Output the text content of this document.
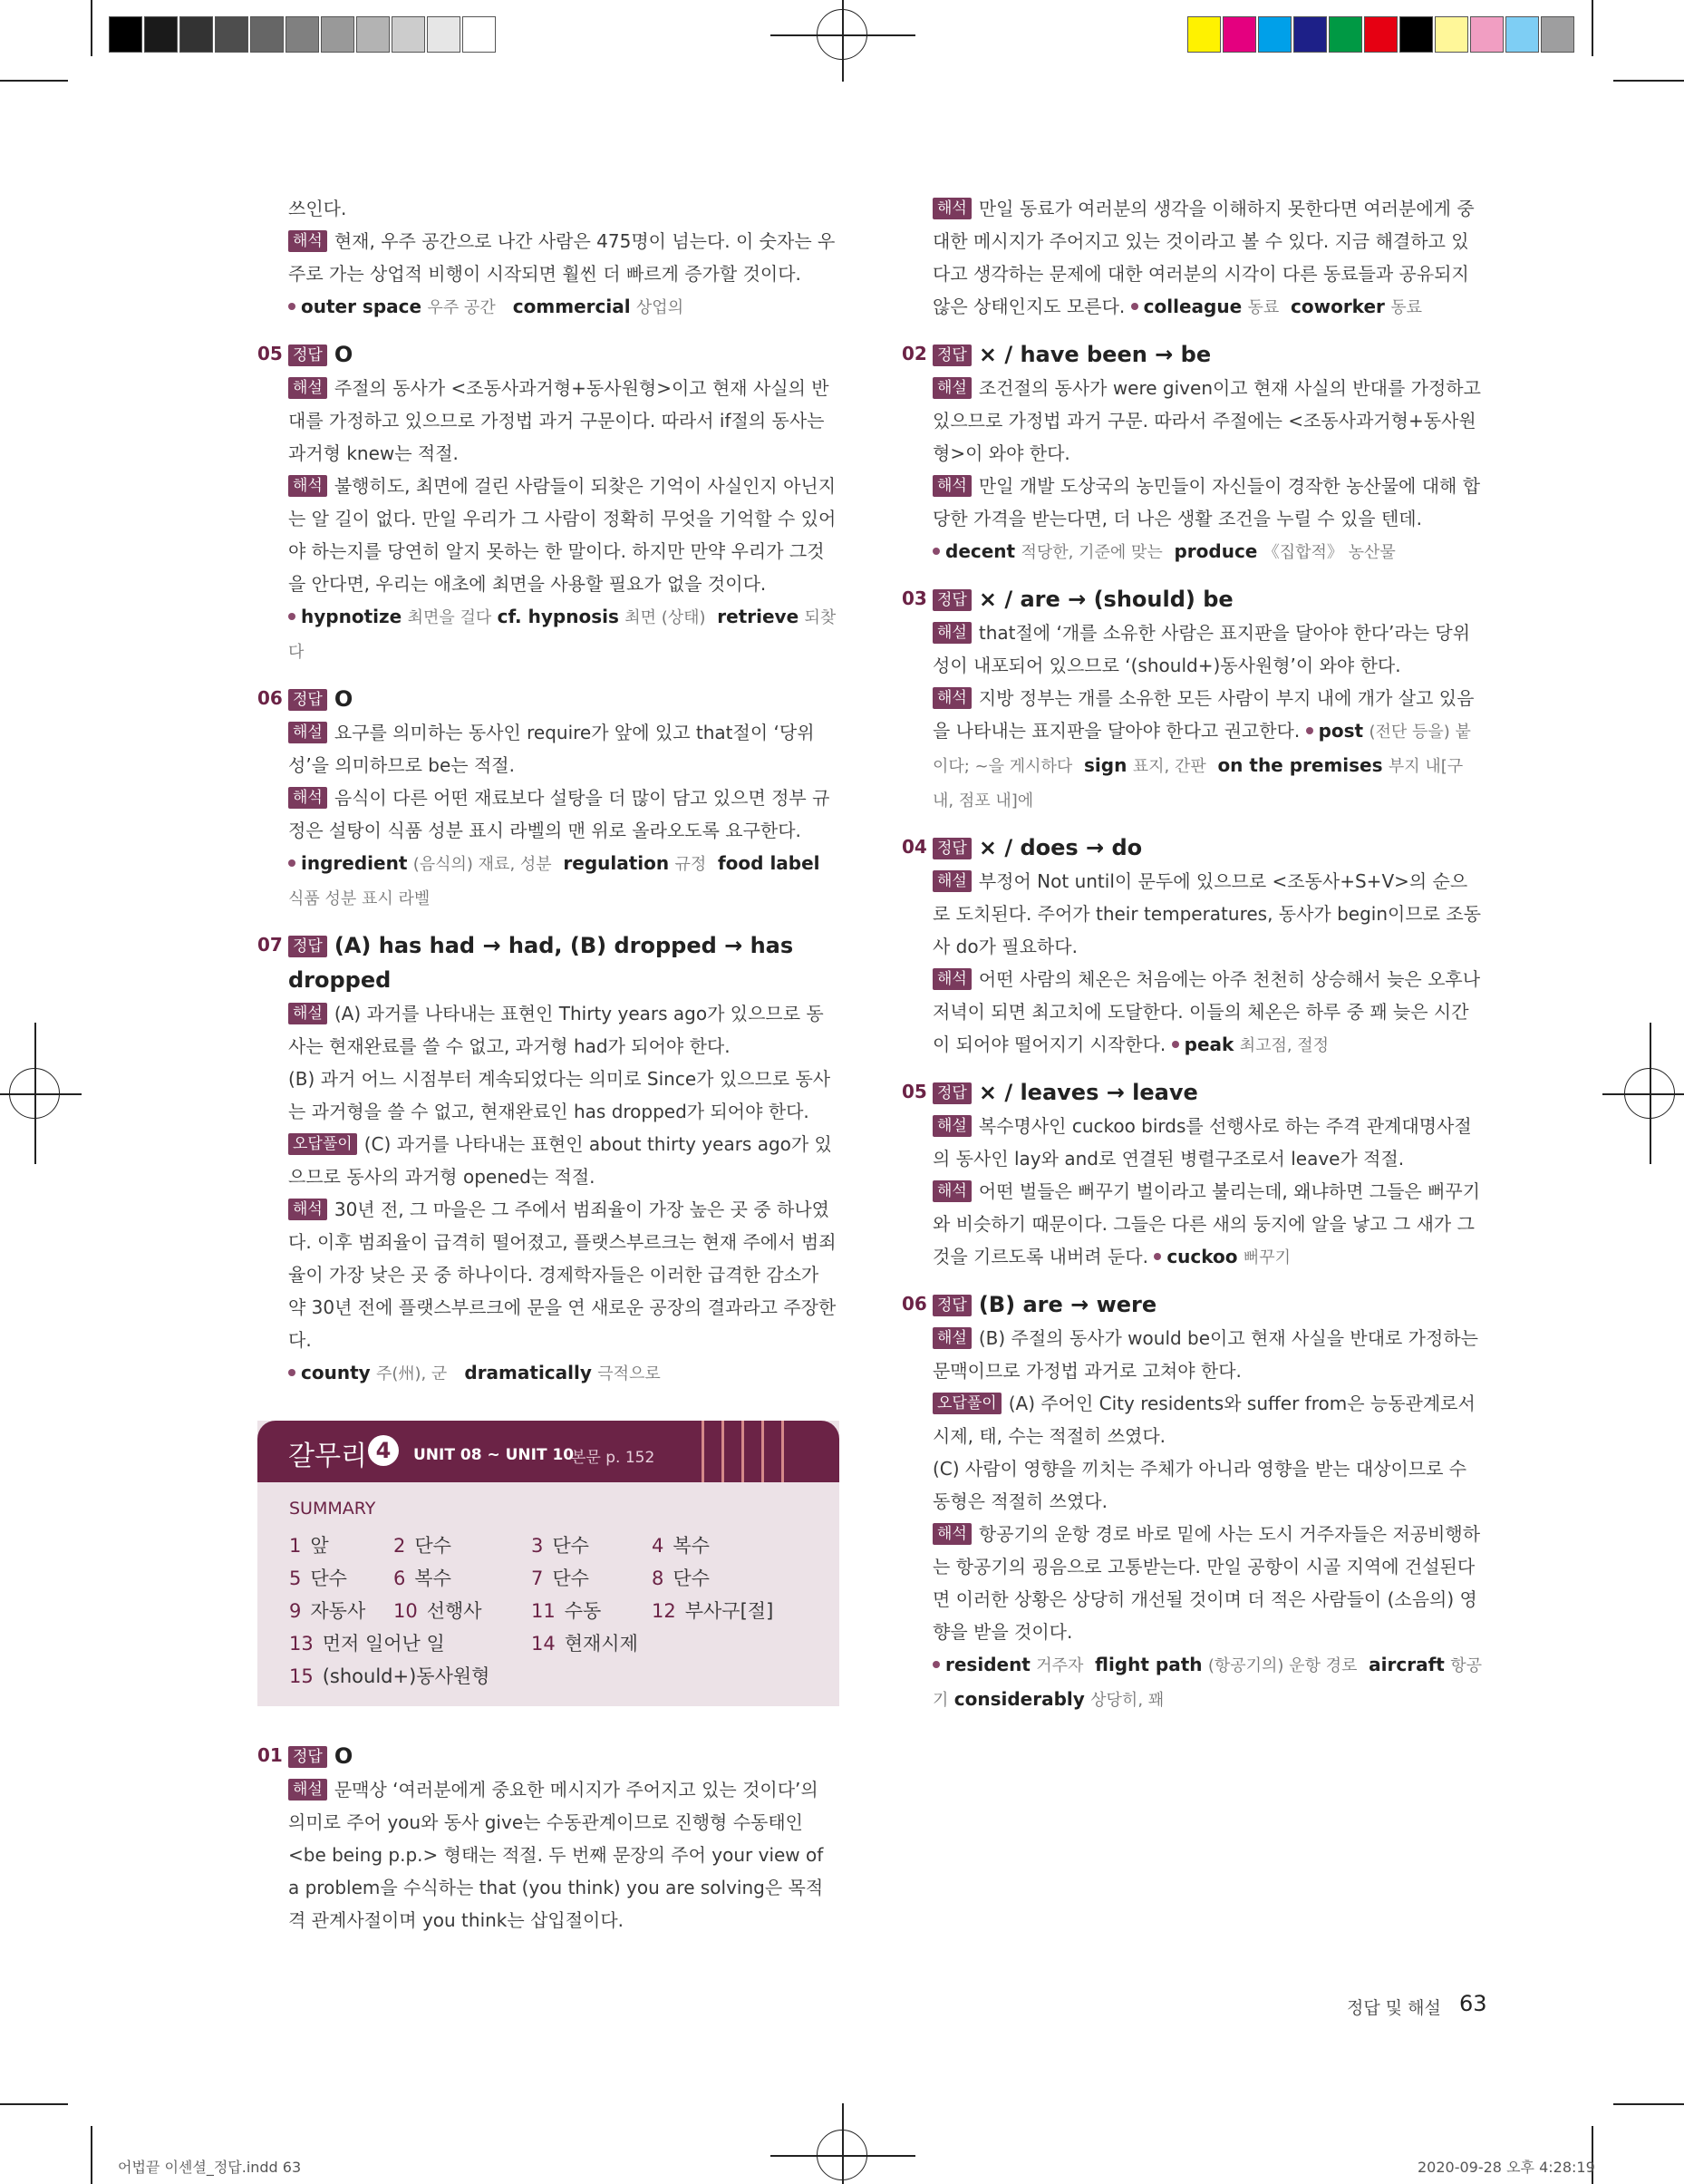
쓰인다.

해석 현재, 우주 공간으로 나간 사람은 475명이 넘는다. 이 숫자는 우주로 가는 상업적 비행이 시작되면 훨씬 더 빠르게 증가할 것이다.

outer space 우주 공간 commercial 상업의

05 정답 O

해설 주절의 동사가 <조동사과거형+동사원형>이고 현재 사실의 반대를 가정하고 있으므로 가정법 과거 구문이다. 따라서 if절의 동사는 과거형 knew는 적절.

해석 불행히도, 최면에 걸린 사람들이 되찾은 기억이 사실인지 아닌지는 알 길이 없다. 만일 우리가 그 사람이 정확히 무엇을 기억할 수 있어야 하는지를 당연히 알지 못하는 한 말이다. 하지만 만약 우리가 그것을 안다면, 우리는 애초에 최면을 사용할 필요가 없을 것이다.

hypnotize 최면을 걸다 cf. hypnosis 최면 (상태) retrieve 되찾다

06 정답 O

해설 요구를 의미하는 동사인 require가 앞에 있고 that절이 ‘당위성’을 의미하므로 be는 적절.

해석 음식이 다른 어떤 재료보다 설탕을 더 많이 담고 있으면 정부 규정은 설탕이 식품 성분 표시 라벨의 맨 위로 올라오도록 요구한다.

ingredient (음식의) 재료, 성분 regulation 규정 food label 식품 성분 표시 라벨

07 정답 (A) has had → had, (B) dropped → has dropped

해설 (A) 과거를 나타내는 표현인 Thirty years ago가 있으므로 동사는 현재완료를 쓸 수 없고, 과거형 had가 되어야 한다.

(B) 과거 어느 시점부터 계속되었다는 의미로 Since가 있으므로 동사는 과거형을 쓸 수 없고, 현재완료인 has dropped가 되어야 한다.

오답풀이 (C) 과거를 나타내는 표현인 about thirty years ago가 있으므로 동사의 과거형 opened는 적절.

해석 30년 전, 그 마을은 그 주에서 범죄율이 가장 높은 곳 중 하나였다. 이후 범죄율이 급격히 떨어졌고, 플랫스부르크는 현재 주에서 범죄율이 가장 낮은 곳 중 하나이다. 경제학자들은 이러한 급격한 감소가 약 30년 전에 플랫스부르크에 문을 연 새로운 공장의 결과라고 주장한다.

county 주(州), 군 dramatically 극적으로

갈무리 4	UNIT 08 ~ UNIT 10
본문 p. 152
SUMMARY
1 앞	2 단수	3 단수	4 복수
5 단수 6 복수	7 단수	8 단수
9 자동사 10 선행사	11 수동	12 부사구[절]
13 먼저 일어난 일	14 현재시제
15 (should+)동사원형
01 정답 O

해설 문맥상 ‘여러분에게 중요한 메시지가 주어지고 있는 것이다’의 의미로 주어 you와 동사 give는 수동관계이므로 진행형 수동태인 <be being p.p.> 형태는 적절. 두 번째 문장의 주어 your view of a problem을 수식하는 that (you think) you are solving은 목적격 관계사절이며 you think는 삽입절이다.

해석 만일 동료가 여러분의 생각을 이해하지 못한다면 여러분에게 중대한 메시지가 주어지고 있는 것이라고 볼 수 있다. 지금 해결하고 있다고 생각하는 문제에 대한 여러분의 시각이 다른 동료들과 공유되지 않은 상태인지도 모른다. colleague 동료 coworker 동료

02 정답 × / have been → be

해설 조건절의 동사가 were given이고 현재 사실의 반대를 가정하고 있으므로 가정법 과거 구문. 따라서 주절에는 <조동사과거형+동사원형>이 와야 한다.

해석 만일 개발 도상국의 농민들이 자신들이 경작한 농산물에 대해 합당한 가격을 받는다면, 더 나은 생활 조건을 누릴 수 있을 텐데.

decent 적당한, 기준에 맞는 produce 《집합적》 농산물

03 정답 × / are → (should) be

해설 that절에 ‘개를 소유한 사람은 표지판을 달아야 한다’라는 당위성이 내포되어 있으므로 ‘(should+)동사원형’이 와야 한다.

해석 지방 정부는 개를 소유한 모든 사람이 부지 내에 개가 살고 있음을 나타내는 표지판을 달아야 한다고 권고한다. post (전단 등을) 붙이다; ~을 게시하다 sign 표지, 간판 on the premises 부지 내[구내, 점포 내]에

04 정답 × / does → do

해설 부정어 Not until이 문두에 있으므로 <조동사+S+V>의 순으로 도치된다. 주어가 their temperatures, 동사가 begin이므로 조동사 do가 필요하다.

해석 어떤 사람의 체온은 처음에는 아주 천천히 상승해서 늦은 오후나 저녁이 되면 최고치에 도달한다. 이들의 체온은 하루 중 꽤 늦은 시간이 되어야 떨어지기 시작한다. peak 최고점, 절정

05 정답 × / leaves → leave

해설 복수명사인 cuckoo birds를 선행사로 하는 주격 관계대명사절의 동사인 lay와 and로 연결된 병렬구조로서 leave가 적절.

해석 어떤 벌들은 뻐꾸기 벌이라고 불리는데, 왜냐하면 그들은 뻐꾸기와 비슷하기 때문이다. 그들은 다른 새의 둥지에 알을 낳고 그 새가 그것을 기르도록 내버려 둔다. cuckoo 뻐꾸기

06 정답 (B) are → were

해설 (B) 주절의 동사가 would be이고 현재 사실을 반대로 가정하는 문맥이므로 가정법 과거로 고쳐야 한다.

오답풀이 (A) 주어인 City residents와 suffer from은 능동관계로서 시제, 태, 수는 적절히 쓰였다.

(C) 사람이 영향을 끼치는 주체가 아니라 영향을 받는 대상이므로 수동형은 적절히 쓰였다.

해석 항공기의 운항 경로 바로 밑에 사는 도시 거주자들은 저공비행하는 항공기의 굉음으로 고통받는다. 만일 공항이 시골 지역에 건설된다면 이러한 상황은 상당히 개선될 것이며 더 적은 사람들이 (소음의) 영향을 받을 것이다.

resident 거주자 flight path (항공기의) 운항 경로 aircraft 항공기 considerably 상당히, 꽤

정답 및 해설 63
어법끝 이센셜_정답.indd 63	2020-09-28 오후 4:28:19
